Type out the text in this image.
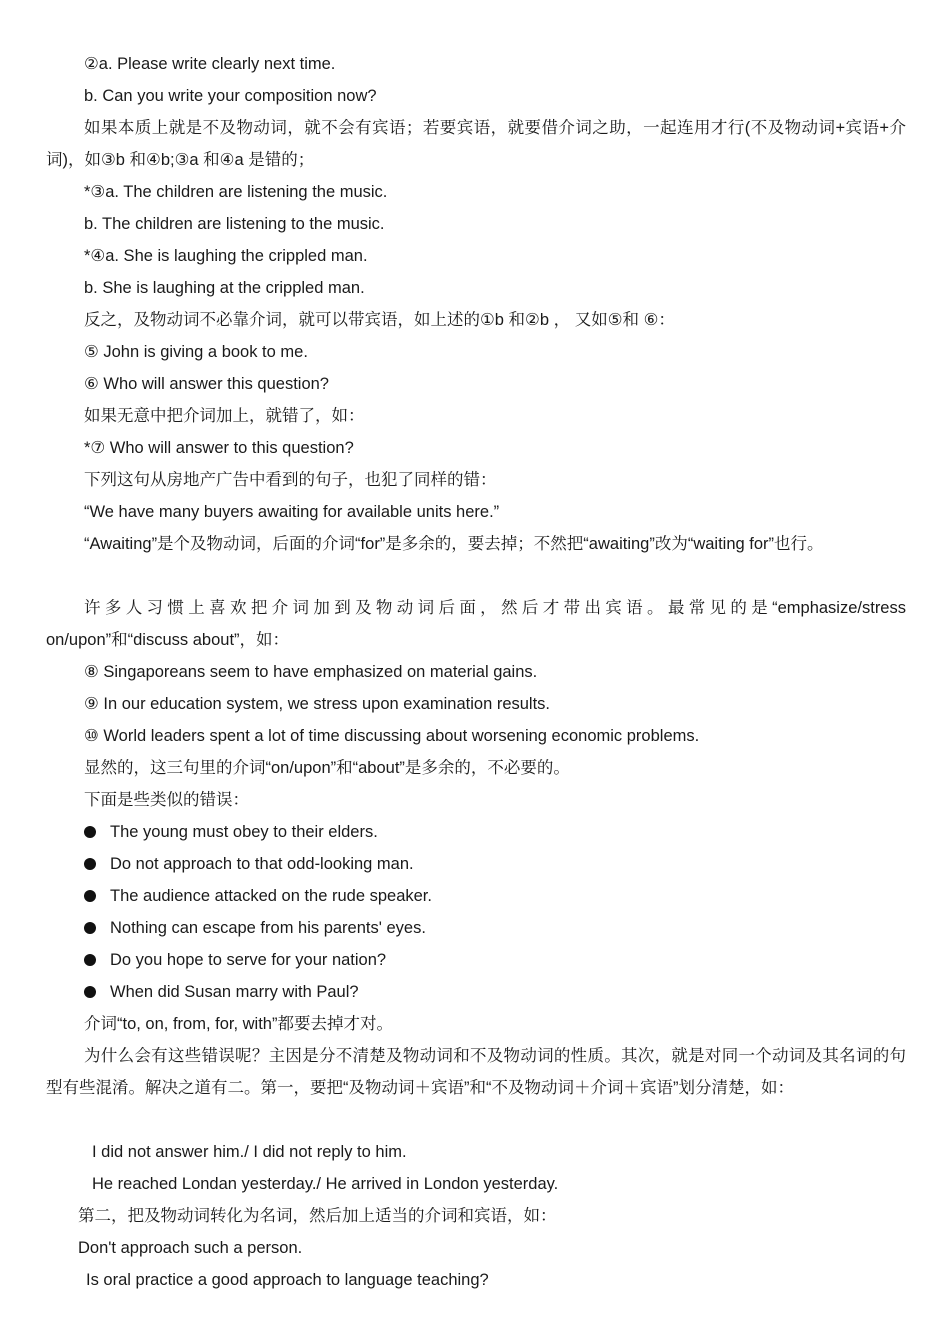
②a. Please write clearly next time.
b. Can you write your composition now?
如果本质上就是不及物动词，就不会有宾语；若要宾语，就要借介词之助，一起连用才行(不及物动词+宾语+介词)，如③b 和④b;③a 和④a 是错的；
*③a. The children are listening the music.
b. The children are listening to the music.
*④a. She is laughing the crippled man.
b. She is laughing at the crippled man.
反之，及物动词不必靠介词，就可以带宾语，如上述的①b 和②b ， 又如⑤和 ⑥：
⑤ John is giving a book to me.
⑥ Who will answer this question?
如果无意中把介词加上，就错了，如：
*⑦ Who will answer to this question?
下列这句从房地产广告中看到的句子，也犯了同样的错：
“We have many buyers awaiting for available units here.”
“Awaiting”是个及物动词，后面的介词“for”是多余的，要去掉；不然把“awaiting”改为“waiting for”也行。
许多人习惯上喜欢把介词加到及物动词后面，然后才带出宾语。最常见的是“emphasize/stress on/upon”和“discuss about”，如：
⑧ Singaporeans seem to have emphasized on material gains.
⑨ In our education system, we stress upon examination results.
⑩ World leaders spent a lot of time discussing about worsening economic problems.
显然的，这三句里的介词“on/upon”和“about”是多余的，不必要的。
下面是些类似的错误：
The young must obey to their elders.
Do not approach to that odd-looking man.
The audience attacked on the rude speaker.
Nothing can escape from his parents' eyes.
Do you hope to serve for your nation?
When did Susan marry with Paul?
介词“to, on, from, for, with”都要去掉才对。
为什么会有这些错误呢？主因是分不清楚及物动词和不及物动词的性质。其次，就是对同一个动词及其名词的句型有些混淆。解决之道有二。第一，要把“及物动词＋宾语”和“不及物动词＋介词＋宾语”划分清楚，如：
I did not answer him./ I did not reply to him.
He reached Londan yesterday./ He arrived in London yesterday.
第二，把及物动词转化为名词，然后加上适当的介词和宾语，如：
Don't approach such a person.
Is oral practice a good approach to language teaching?
